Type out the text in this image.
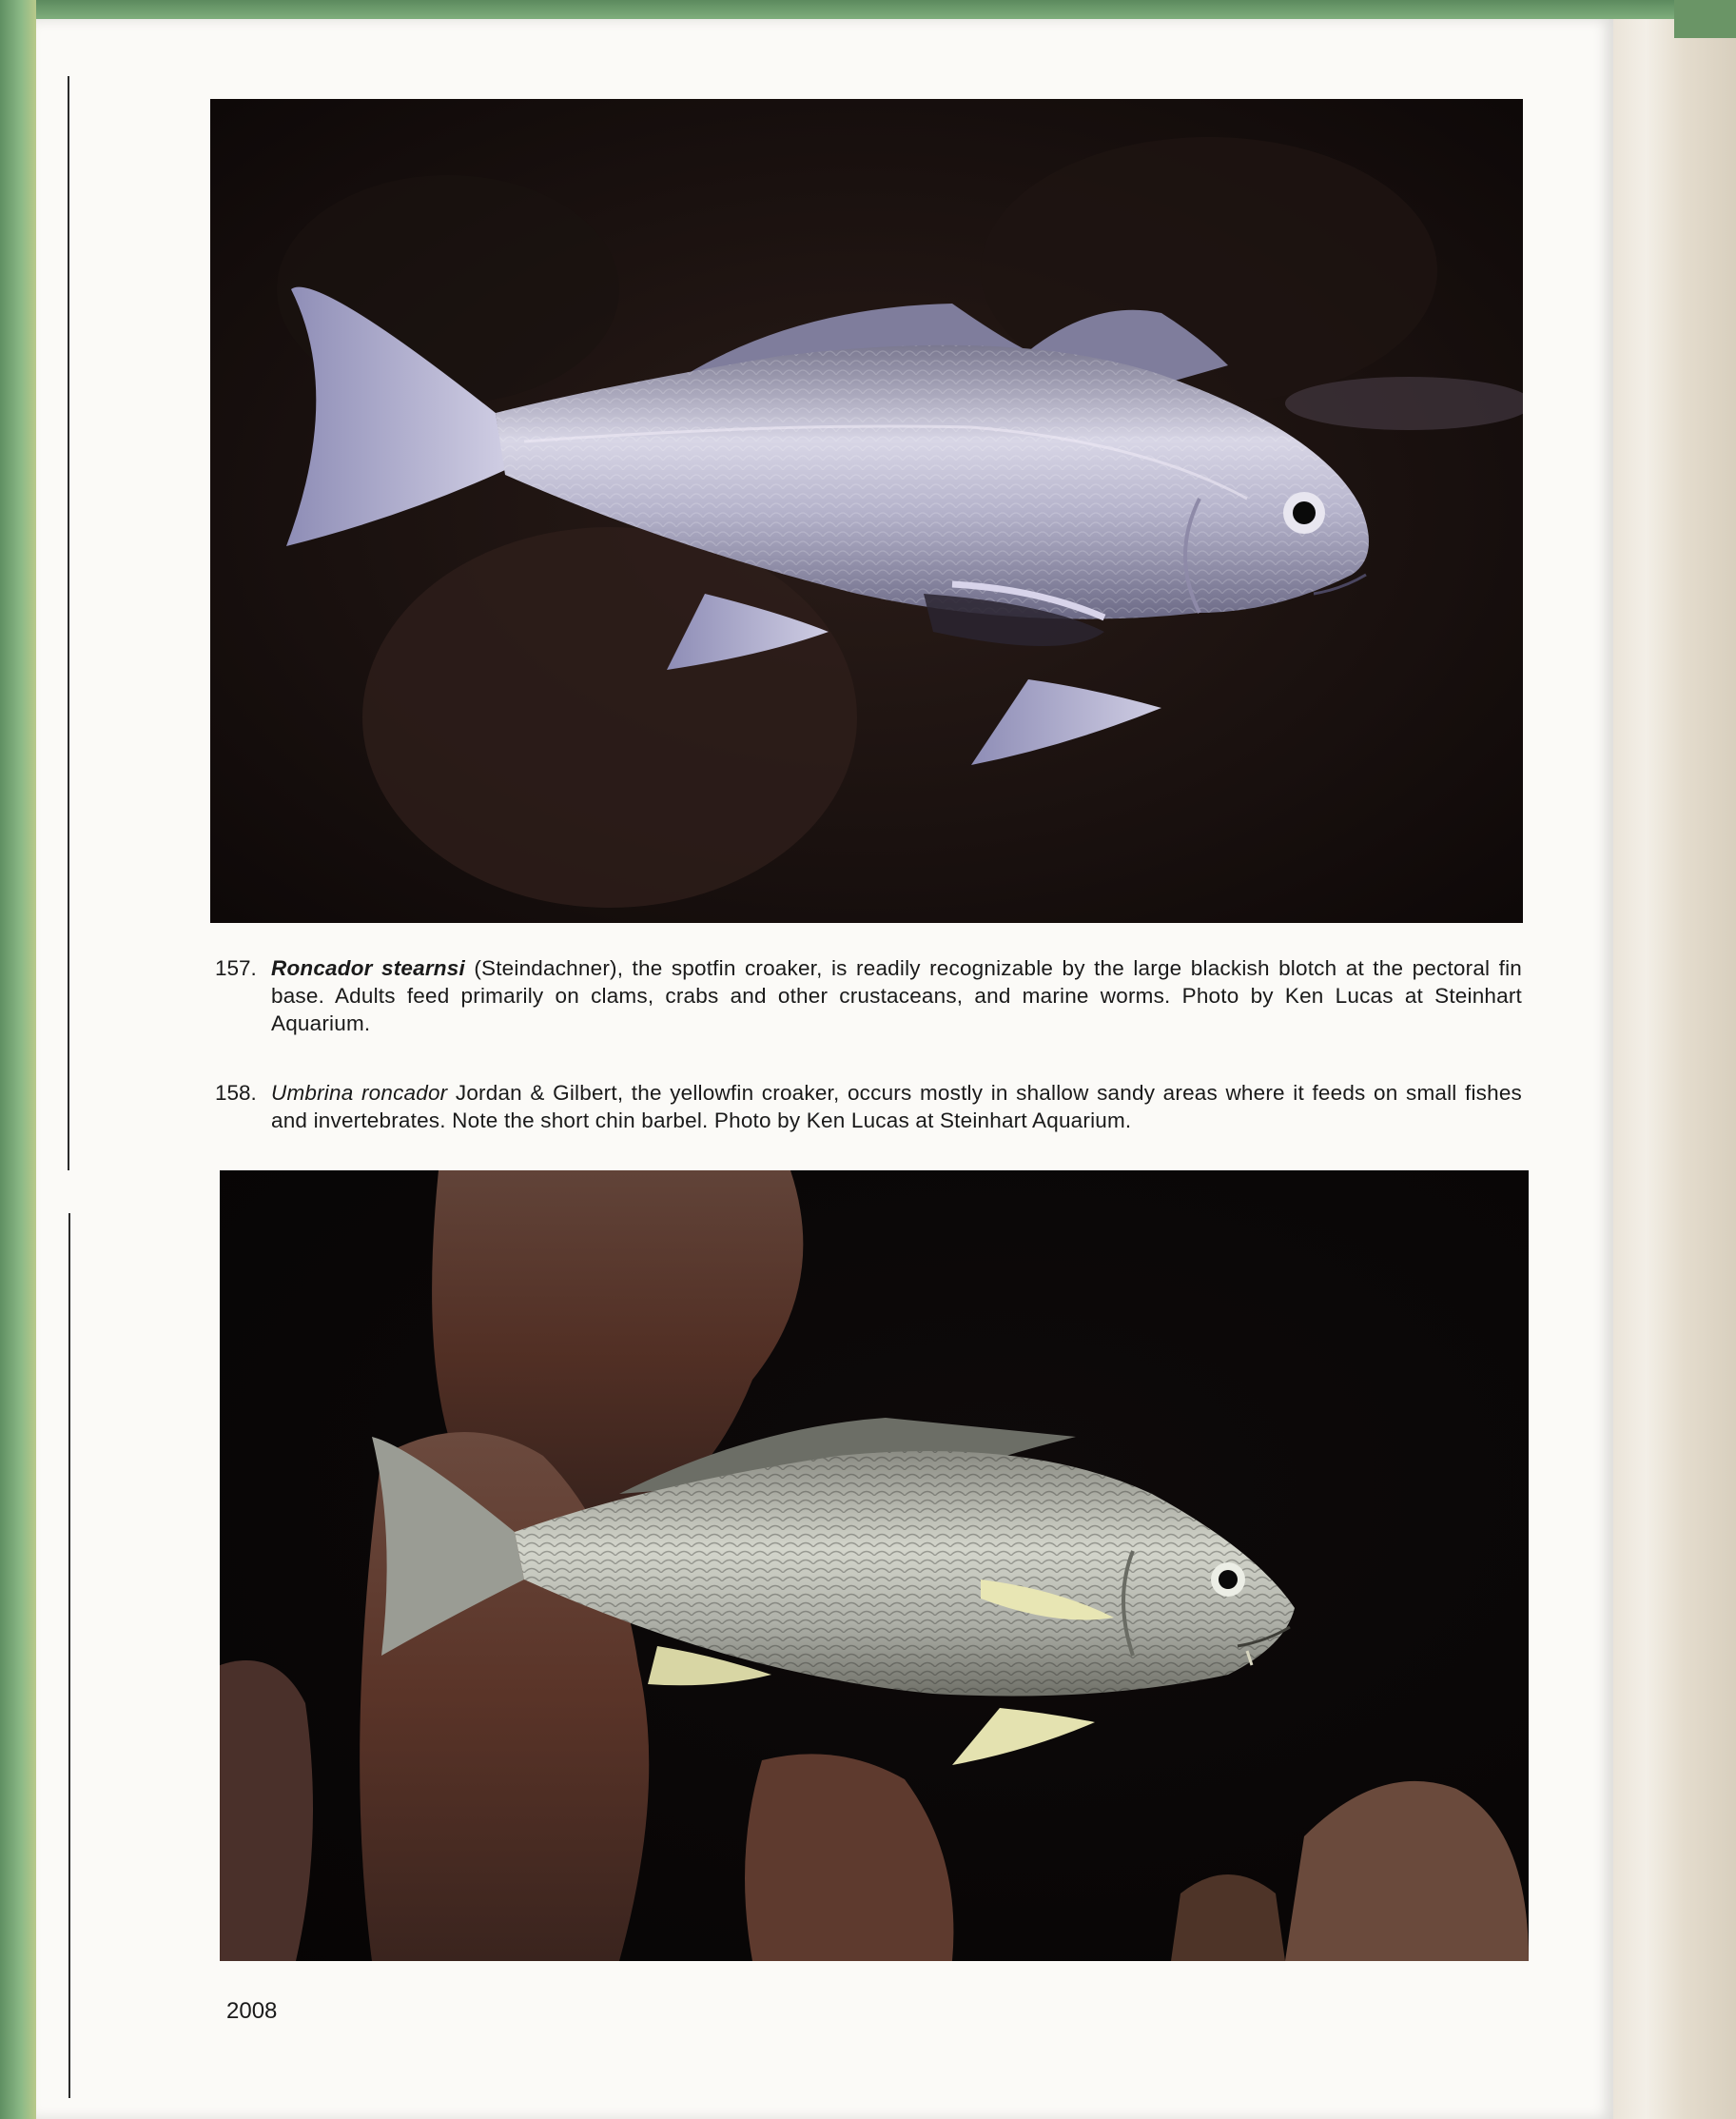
157. Roncador stearnsi (Steindachner), the spotfin croaker, is readily recognizable by the large blackish blotch at the pectoral fin base. Adults feed primarily on clams, crabs and other crustaceans, and marine worms. Photo by Ken Lucas at Steinhart Aquarium.
158. Umbrina roncador Jordan & Gilbert, the yellowfin croaker, occurs mostly in shallow sandy areas where it feeds on small fishes and invertebrates. Note the short chin barbel. Photo by Ken Lucas at Steinhart Aquarium.
2008
